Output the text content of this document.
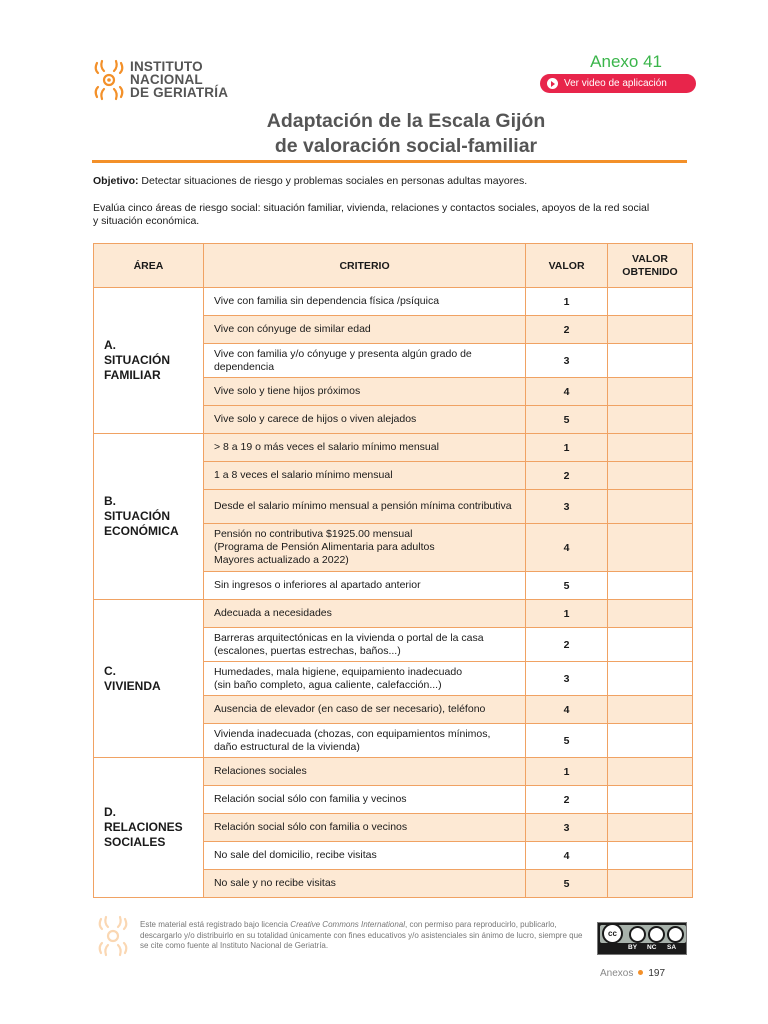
INSTITUTO
NACIONAL
DE GERIATRÍA
Anexo 41
Ver video de aplicación
Adaptación de la Escala Gijón
de valoración social-familiar
Objetivo: Detectar situaciones de riesgo y problemas sociales en personas adultas mayores.
Evalúa cinco áreas de riesgo social: situación familiar, vivienda, relaciones y contactos sociales, apoyos de la red social y situación económica.
ÁREA	CRITERIO	VALOR	VALOR OBTENIDO
A.
SITUACIÓN
FAMILIAR	Vive con familia sin dependencia física /psíquica	1	
	Vive con cónyuge de similar edad	2	
	Vive con familia y/o cónyuge y presenta algún grado de dependencia	3	
	Vive solo y tiene hijos próximos	4	
	Vive solo y carece de hijos o viven alejados	5	
B.
SITUACIÓN
ECONÓMICA	> 8 a 19 o más veces el salario mínimo mensual	1	
	1 a 8 veces el salario mínimo mensual	2	
	Desde el salario mínimo mensual a pensión mínima contributiva	3	
	Pensión no contributiva $1925.00 mensual
(Programa de Pensión Alimentaria para adultos
Mayores actualizado a 2022)	4	
	Sin ingresos o inferiores al apartado anterior	5	
C.
VIVIENDA	Adecuada a necesidades	1	
	Barreras arquitectónicas en la vivienda o portal de la casa
(escalones, puertas estrechas, baños...)	2	
	Humedades, mala higiene, equipamiento inadecuado
(sin baño completo, agua caliente, calefacción...)	3	
	Ausencia de elevador (en caso de ser necesario), teléfono	4	
	Vivienda inadecuada (chozas, con equipamientos mínimos,
daño estructural de la vivienda)	5	
D.
RELACIONES
SOCIALES	Relaciones sociales	1	
	Relación social sólo con familia y vecinos	2	
	Relación social sólo con familia o vecinos	3	
	No sale del domicilio, recibe visitas	4	
	No sale y no recibe visitas	5	
Este material está registrado bajo licencia Creative Commons International, con permiso para reproducirlo, publicarlo, descargarlo y/o distribuirlo en su totalidad únicamente con fines educativos y/o asistenciales sin ánimo de lucro, siempre que se cite como fuente al Instituto Nacional de Geriatría.
cc
BY NC SA
Anexos 197
